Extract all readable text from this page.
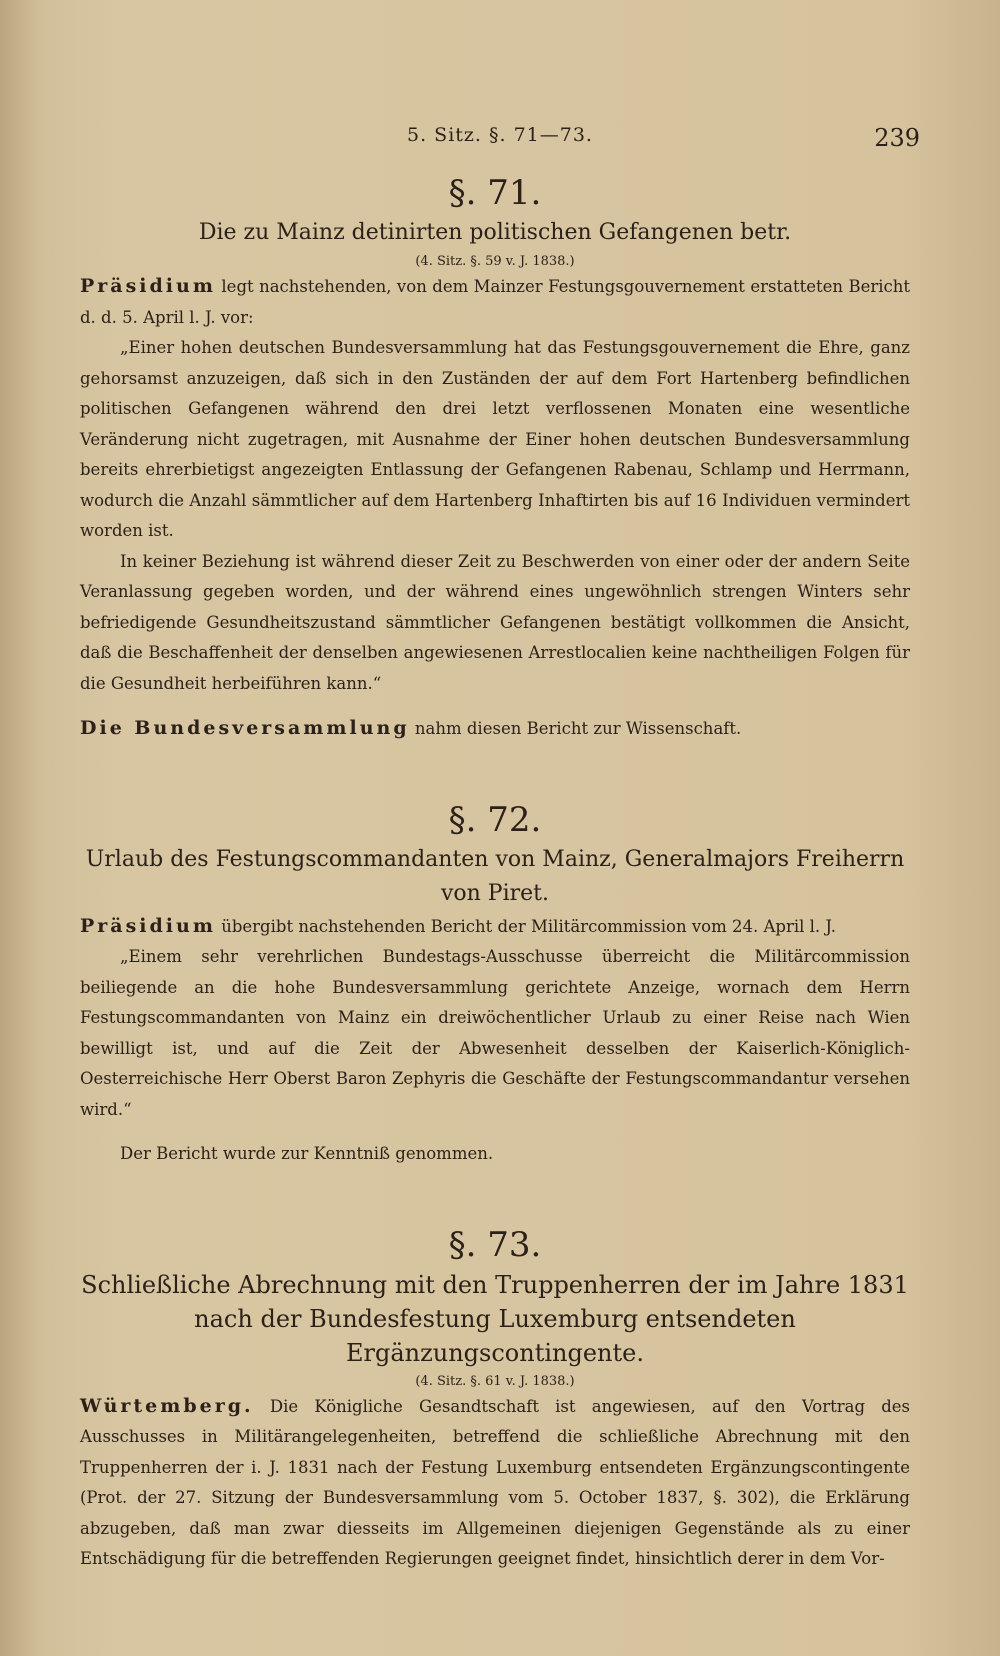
5. Sitz. §. 71—73.	239
§. 71.
Die zu Mainz detinirten politischen Gefangenen betr.
(4. Sitz. §. 59 v. J. 1838.)

Präsidium legt nachstehenden, von dem Mainzer Festungsgouvernement erstatteten Bericht d. d. 5. April l. J. vor:

„Einer hohen deutschen Bundesversammlung hat das Festungsgouvernement die Ehre, ganz gehorsamst anzuzeigen, daß sich in den Zuständen der auf dem Fort Hartenberg befindlichen politischen Gefangenen während den drei letzt verflossenen Monaten eine wesentliche Veränderung nicht zugetragen, mit Ausnahme der Einer hohen deutschen Bundesversammlung bereits ehrerbietigst angezeigten Entlassung der Gefangenen Rabenau, Schlamp und Herrmann, wodurch die Anzahl sämmtlicher auf dem Hartenberg Inhaftirten bis auf 16 Individuen vermindert worden ist.

In keiner Beziehung ist während dieser Zeit zu Beschwerden von einer oder der andern Seite Veranlassung gegeben worden, und der während eines ungewöhnlich strengen Winters sehr befriedigende Gesundheitszustand sämmtlicher Gefangenen bestätigt vollkommen die Ansicht, daß die Beschaffenheit der denselben angewiesenen Arrestlocalien keine nachtheiligen Folgen für die Gesundheit herbeiführen kann.“

Die Bundesversammlung nahm diesen Bericht zur Wissenschaft.

§. 72.
Urlaub des Festungscommandanten von Mainz, Generalmajors Freiherrn von Piret.

Präsidium übergibt nachstehenden Bericht der Militärcommission vom 24. April l. J.

„Einem sehr verehrlichen Bundestags-Ausschusse überreicht die Militärcommission beiliegende an die hohe Bundesversammlung gerichtete Anzeige, wornach dem Herrn Festungscommandanten von Mainz ein dreiwöchentlicher Urlaub zu einer Reise nach Wien bewilligt ist, und auf die Zeit der Abwesenheit desselben der Kaiserlich-Königlich-Oesterreichische Herr Oberst Baron Zephyris die Geschäfte der Festungscommandantur versehen wird.“

Der Bericht wurde zur Kenntniß genommen.

§. 73.
Schließliche Abrechnung mit den Truppenherren der im Jahre 1831 nach der Bundesfestung Luxemburg entsendeten Ergänzungscontingente.
(4. Sitz. §. 61 v. J. 1838.)

Würtemberg. Die Königliche Gesandtschaft ist angewiesen, auf den Vortrag des Ausschusses in Militärangelegenheiten, betreffend die schließliche Abrechnung mit den Truppenherren der i. J. 1831 nach der Festung Luxemburg entsendeten Ergänzungscontingente (Prot. der 27. Sitzung der Bundesversammlung vom 5. October 1837, §. 302), die Erklärung abzugeben, daß man zwar diesseits im Allgemeinen diejenigen Gegenstände als zu einer Entschädigung für die betreffenden Regierungen geeignet findet, hinsichtlich derer in dem Vor-
